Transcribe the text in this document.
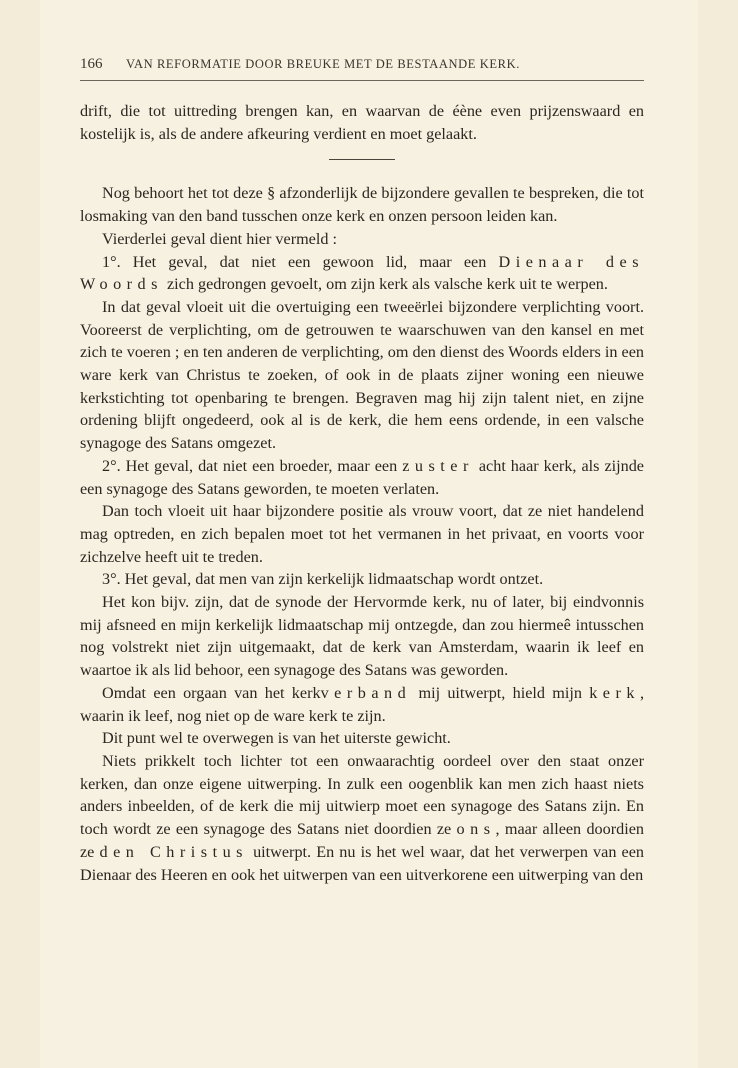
166 VAN REFORMATIE DOOR BREUKE MET DE BESTAANDE KERK.

drift, die tot uittreding brengen kan, en waarvan de éène even prijzenswaard en kostelijk is, als de andere afkeuring verdient en moet gelaakt.

Nog behoort het tot deze § afzonderlijk de bijzondere gevallen te bespreken, die tot losmaking van den band tusschen onze kerk en onzen persoon leiden kan.

Vierderlei geval dient hier vermeld :

1°. Het geval, dat niet een gewoon lid, maar een Dienaar des Woords zich gedrongen gevoelt, om zijn kerk als valsche kerk uit te werpen.

In dat geval vloeit uit die overtuiging een tweeërlei bijzondere verplichting voort. Vooreerst de verplichting, om de getrouwen te waarschuwen van den kansel en met zich te voeren ; en ten anderen de verplichting, om den dienst des Woords elders in een ware kerk van Christus te zoeken, of ook in de plaats zijner woning een nieuwe kerkstichting tot openbaring te brengen. Begraven mag hij zijn talent niet, en zijne ordening blijft ongedeerd, ook al is de kerk, die hem eens ordende, in een valsche synagoge des Satans omgezet.

2°. Het geval, dat niet een broeder, maar een zuster acht haar kerk, als zijnde een synagoge des Satans geworden, te moeten verlaten.

Dan toch vloeit uit haar bijzondere positie als vrouw voort, dat ze niet handelend mag optreden, en zich bepalen moet tot het vermanen in het privaat, en voorts voor zichzelve heeft uit te treden.

3°. Het geval, dat men van zijn kerkelijk lidmaatschap wordt ontzet.

Het kon bijv. zijn, dat de synode der Hervormde kerk, nu of later, bij eindvonnis mij afsneed en mijn kerkelijk lidmaatschap mij ontzegde, dan zou hiermeê intusschen nog volstrekt niet zijn uitgemaakt, dat de kerk van Amsterdam, waarin ik leef en waartoe ik als lid behoor, een synagoge des Satans was geworden.

Omdat een orgaan van het kerkverband mij uitwerpt, hield mijn kerk, waarin ik leef, nog niet op de ware kerk te zijn.

Dit punt wel te overwegen is van het uiterste gewicht.

Niets prikkelt toch lichter tot een onwaarachtig oordeel over den staat onzer kerken, dan onze eigene uitwerping. In zulk een oogenblik kan men zich haast niets anders inbeelden, of de kerk die mij uitwierp moet een synagoge des Satans zijn. En toch wordt ze een synagoge des Satans niet doordien ze ons, maar alleen doordien ze den Christus uitwerpt. En nu is het wel waar, dat het verwerpen van een Dienaar des Heeren en ook het uitwerpen van een uitverkorene een uitwerping van den
